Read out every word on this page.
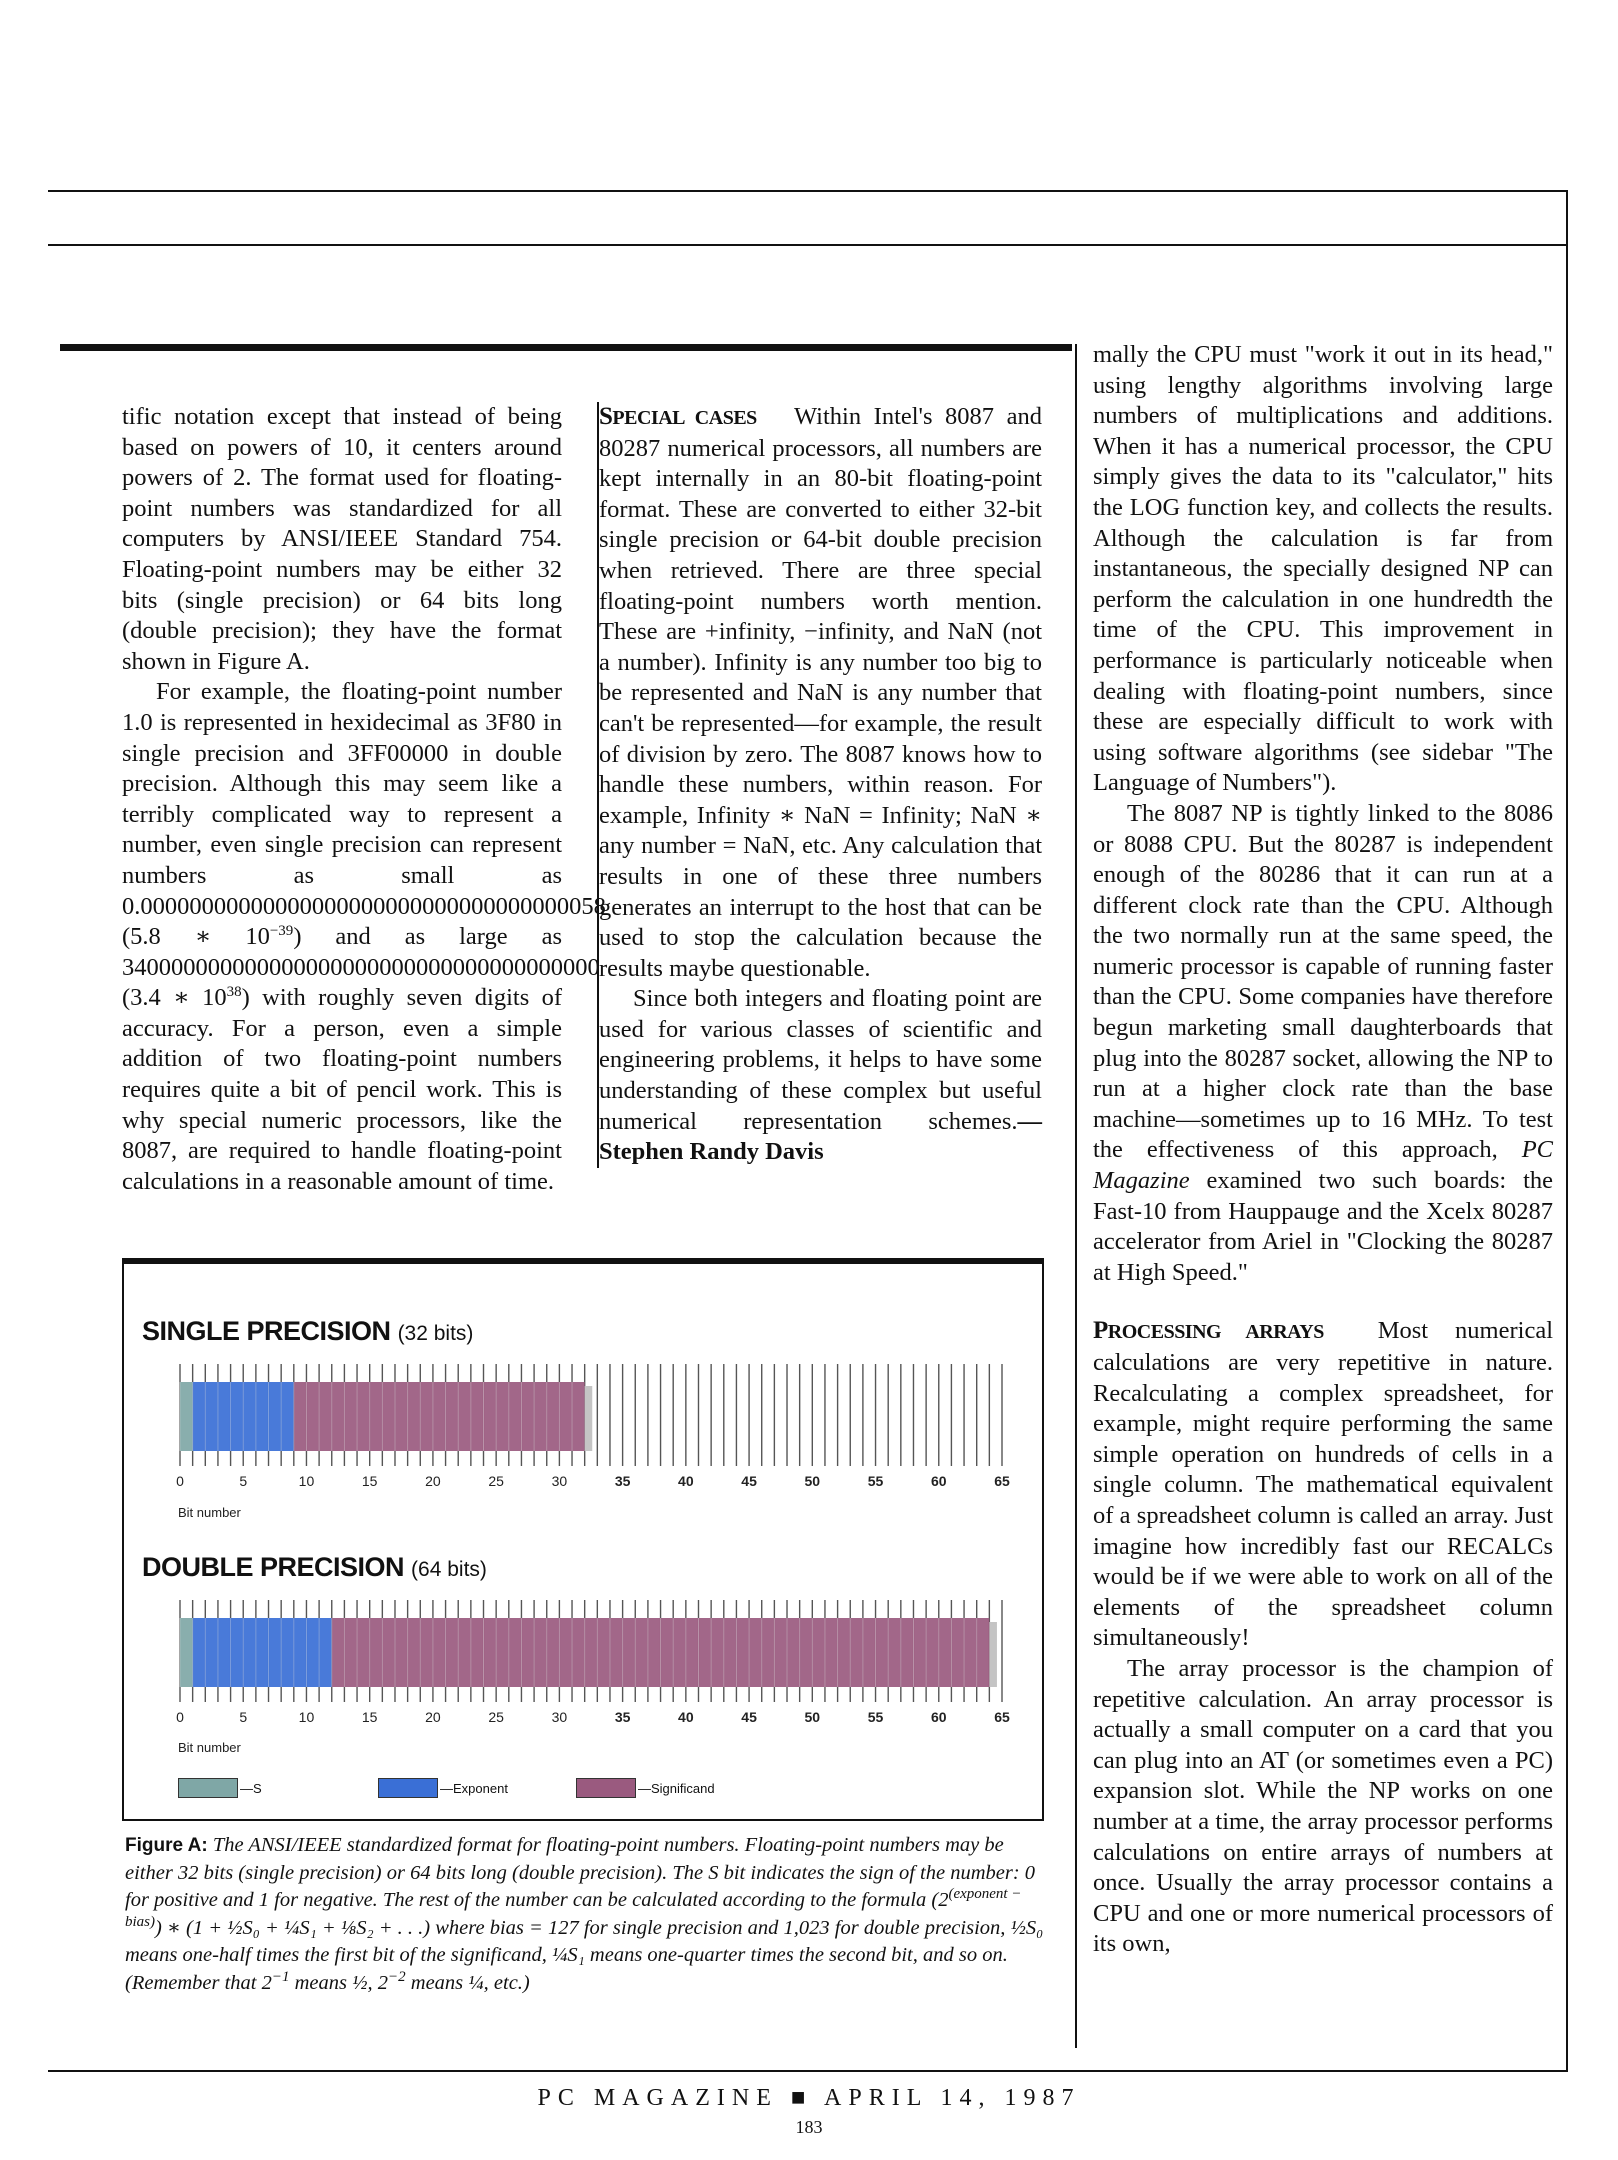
tific notation except that instead of being based on powers of 10, it centers around powers of 2. The format used for floating-point numbers was standardized for all computers by ANSI/IEEE Standard 754. Floating-point numbers may be either 32 bits (single precision) or 64 bits long (double precision); they have the format shown in Figure A.

For example, the floating-point number 1.0 is represented in hexidecimal as 3F80 in single precision and 3FF00000 in double precision. Although this may seem like a terribly complicated way to represent a number, even single precision can represent numbers as small as 0.00000000000000000000000000000000000058 (5.8 ∗ $10^{-39}$) and as large as 340000000000000000000000000000000000000 (3.4 ∗ $10^{38}$) with roughly seven digits of accuracy. For a person, even a simple addition of two floating-point numbers requires quite a bit of pencil work. This is why special numeric processors, like the 8087, are required to handle floating-point calculations in a reasonable amount of time.

SPECIAL CASES Within Intel's 8087 and 80287 numerical processors, all numbers are kept internally in an 80-bit floating-point format. These are converted to either 32-bit single precision or 64-bit double precision when retrieved. There are three special floating-point numbers worth mention. These are +infinity, −infinity, and NaN (not a number). Infinity is any number too big to be represented and NaN is any number that can't be represented—for example, the result of division by zero. The 8087 knows how to handle these numbers, within reason. For example, Infinity ∗ NaN = Infinity; NaN ∗ any number = NaN, etc. Any calculation that results in one of these three numbers generates an interrupt to the host that can be used to stop the calculation because the results maybe questionable.

Since both integers and floating point are used for various classes of scientific and engineering problems, it helps to have some understanding of these complex but useful numerical representation schemes.—Stephen Randy Davis

mally the CPU must "work it out in its head," using lengthy algorithms involving large numbers of multiplications and additions. When it has a numerical processor, the CPU simply gives the data to its "calculator," hits the LOG function key, and collects the results. Although the calculation is far from instantaneous, the specially designed NP can perform the calculation in one hundredth the time of the CPU. This improvement in performance is particularly noticeable when dealing with floating-point numbers, since these are especially difficult to work with using software algorithms (see sidebar "The Language of Numbers").

The 8087 NP is tightly linked to the 8086 or 8088 CPU. But the 80287 is independent enough of the 80286 that it can run at a different clock rate than the CPU. Although the two normally run at the same speed, the numeric processor is capable of running faster than the CPU. Some companies have therefore begun marketing small daughterboards that plug into the 80287 socket, allowing the NP to run at a higher clock rate than the base machine—sometimes up to 16 MHz. To test the effectiveness of this approach, PC Magazine examined two such boards: the Fast-10 from Hauppauge and the Xcelx 80287 accelerator from Ariel in "Clocking the 80287 at High Speed."

PROCESSING ARRAYS Most numerical calculations are very repetitive in nature. Recalculating a complex spreadsheet, for example, might require performing the same simple operation on hundreds of cells in a single column. The mathematical equivalent of a spreadsheet column is called an array. Just imagine how incredibly fast our RECALCs would be if we were able to work on all of the elements of the spreadsheet column simultaneously!

The array processor is the champion of repetitive calculation. An array processor is actually a small computer on a card that you can plug into an AT (or sometimes even a PC) expansion slot. While the NP works on one number at a time, the array processor performs calculations on entire arrays of numbers at once. Usually the array processor contains a CPU and one or more numerical processors of its own,

SINGLE PRECISION (32 bits)
0	5	10	15	20	25	30	35	40	45	50	55	60	65
Bit number
DOUBLE PRECISION (64 bits)
0	5	10	15	20	25	30	35	40	45	50	55	60	65
Bit number
— S	— Exponent	— Significand
Figure A: The ANSI/IEEE standardized format for floating-point numbers. Floating-point numbers may be either 32 bits (single precision) or 64 bits long (double precision). The S bit indicates the sign of the number: 0 for positive and 1 for negative. The rest of the number can be calculated according to the formula $(2^{(exponent - bias)})$ ∗ (1 + ½S₀ + ¼S₁ + ⅛S₂ + . . .) where bias = 127 for single precision and 1,023 for double precision, ½S₀ means one-half times the first bit of the significand, ¼S₁ means one-quarter times the second bit, and so on. (Remember that $2^{-1}$ means ½, $2^{-2}$ means ¼, etc.)
PC MAGAZINE ■ APRIL 14, 1987
183
